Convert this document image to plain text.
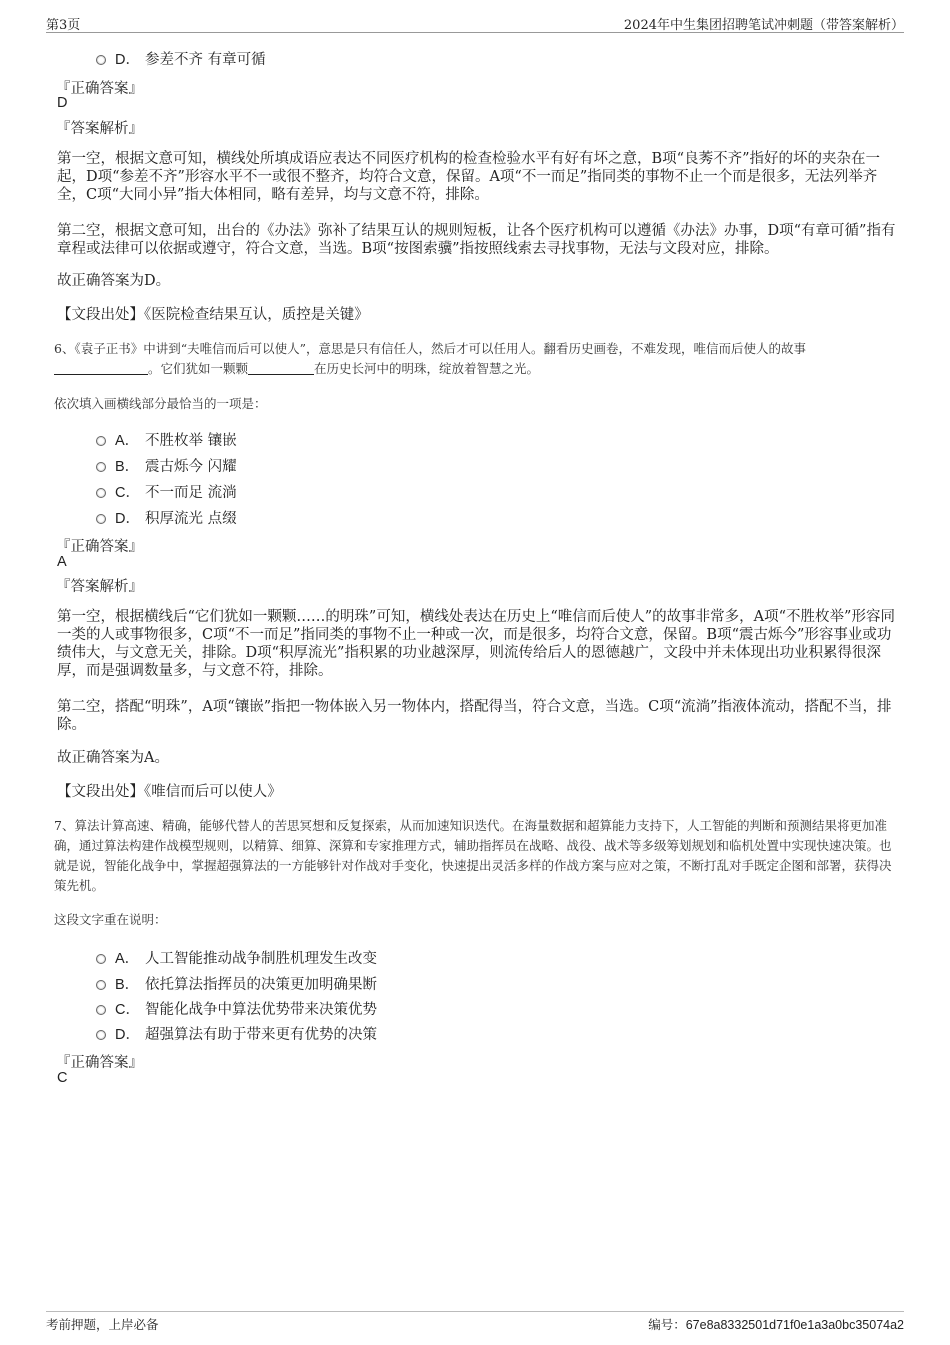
第3页	2024年中生集团招聘笔试冲刺题（带答案解析）
D． 参差不齐 有章可循
『正确答案』
D
『答案解析』
第一空，根据文意可知，横线处所填成语应表达不同医疗机构的检查检验水平有好有坏之意，B项“良莠不齐”指好的坏的夹杂在一起，D项“参差不齐”形容水平不一或很不整齐，均符合文意，保留。A项“不一而足”指同类的事物不止一个而是很多，无法列举齐全，C项“大同小异”指大体相同，略有差异，均与文意不符，排除。
第二空，根据文意可知，出台的《办法》弥补了结果互认的规则短板，让各个医疗机构可以遵循《办法》办事，D项“有章可循”指有章程或法律可以依据或遵守，符合文意，当选。B项“按图索骥”指按照线索去寻找事物，无法与文段对应，排除。
故正确答案为D。
【文段出处】《医院检查结果互认，质控是关键》
6、《袁子正书》中讲到“夫唯信而后可以使人”，意思是只有信任人，然后才可以任用人。翻看历史画卷，不难发现，唯信而后使人的故事
。它们犹如一颗颗	在历史长河中的明珠，绽放着智慧之光。
依次填入画横线部分最恰当的一项是：
A． 不胜枚举 镶嵌
B． 震古烁今 闪耀
C． 不一而足 流淌
D． 积厚流光 点缀
『正确答案』
A
『答案解析』
第一空，根据横线后“它们犹如一颗颗……的明珠”可知，横线处表达在历史上“唯信而后使人”的故事非常多，A项“不胜枚举”形容同一类的人或事物很多，C项“不一而足”指同类的事物不止一种或一次，而是很多，均符合文意，保留。B项“震古烁今”形容事业或功绩伟大，与文意无关，排除。D项“积厚流光”指积累的功业越深厚，则流传给后人的恩德越广，文段中并未体现出功业积累得很深厚，而是强调数量多，与文意不符，排除。
第二空，搭配“明珠”，A项“镶嵌”指把一物体嵌入另一物体内，搭配得当，符合文意，当选。C项“流淌”指液体流动，搭配不当，排除。
故正确答案为A。
【文段出处】《唯信而后可以使人》
7、算法计算高速、精确，能够代替人的苦思冥想和反复探索，从而加速知识迭代。在海量数据和超算能力支持下，人工智能的判断和预测结果将更加准确，通过算法构建作战模型规则，以精算、细算、深算和专家推理方式，辅助指挥员在战略、战役、战术等多级筹划规划和临机处置中实现快速决策。也就是说，智能化战争中，掌握超强算法的一方能够针对作战对手变化，快速提出灵活多样的作战方案与应对之策，不断打乱对手既定企图和部署，获得决策先机。
这段文字重在说明：
A． 人工智能推动战争制胜机理发生改变
B． 依托算法指挥员的决策更加明确果断
C． 智能化战争中算法优势带来决策优势
D． 超强算法有助于带来更有优势的决策
『正确答案』
C
考前押题，上岸必备	编号：67e8a8332501d71f0e1a3a0bc35074a2
